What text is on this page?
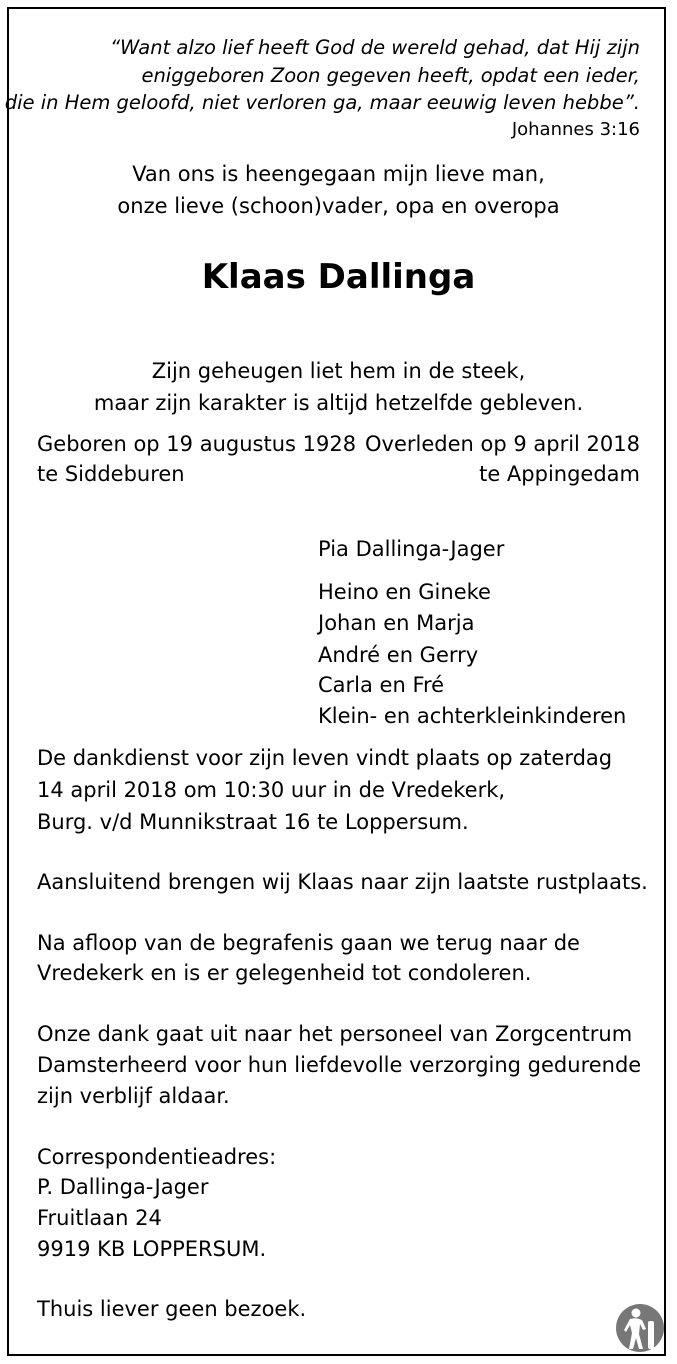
“Want alzo lief heeft God de wereld gehad, dat Hij zijn
eniggeboren Zoon gegeven heeft, opdat een ieder,
die in Hem geloofd, niet verloren ga, maar eeuwig leven hebbe”.
Johannes 3:16
Van ons is heengegaan mijn lieve man,
onze lieve (schoon)vader, opa en overopa
Klaas Dallinga
Zijn geheugen liet hem in de steek,
maar zijn karakter is altijd hetzelfde gebleven.
Geboren op 19 augustus 1928
te Siddeburen
Overleden op 9 april 2018
te Appingedam
Pia Dallinga-Jager
Heino en Gineke
Johan en Marja
André en Gerry
Carla en Fré
Klein- en achterkleinkinderen
De dankdienst voor zijn leven vindt plaats op zaterdag
14 april 2018 om 10:30 uur in de Vredekerk,
Burg. v/d Munnikstraat 16 te Loppersum.
Aansluitend brengen wij Klaas naar zijn laatste rustplaats.
Na afloop van de begrafenis gaan we terug naar de
Vredekerk en is er gelegenheid tot condoleren.
Onze dank gaat uit naar het personeel van Zorgcentrum
Damsterheerd voor hun liefdevolle verzorging gedurende
zijn verblijf aldaar.
Correspondentieadres:
P. Dallinga-Jager
Fruitlaan 24
9919 KB LOPPERSUM.
Thuis liever geen bezoek.
